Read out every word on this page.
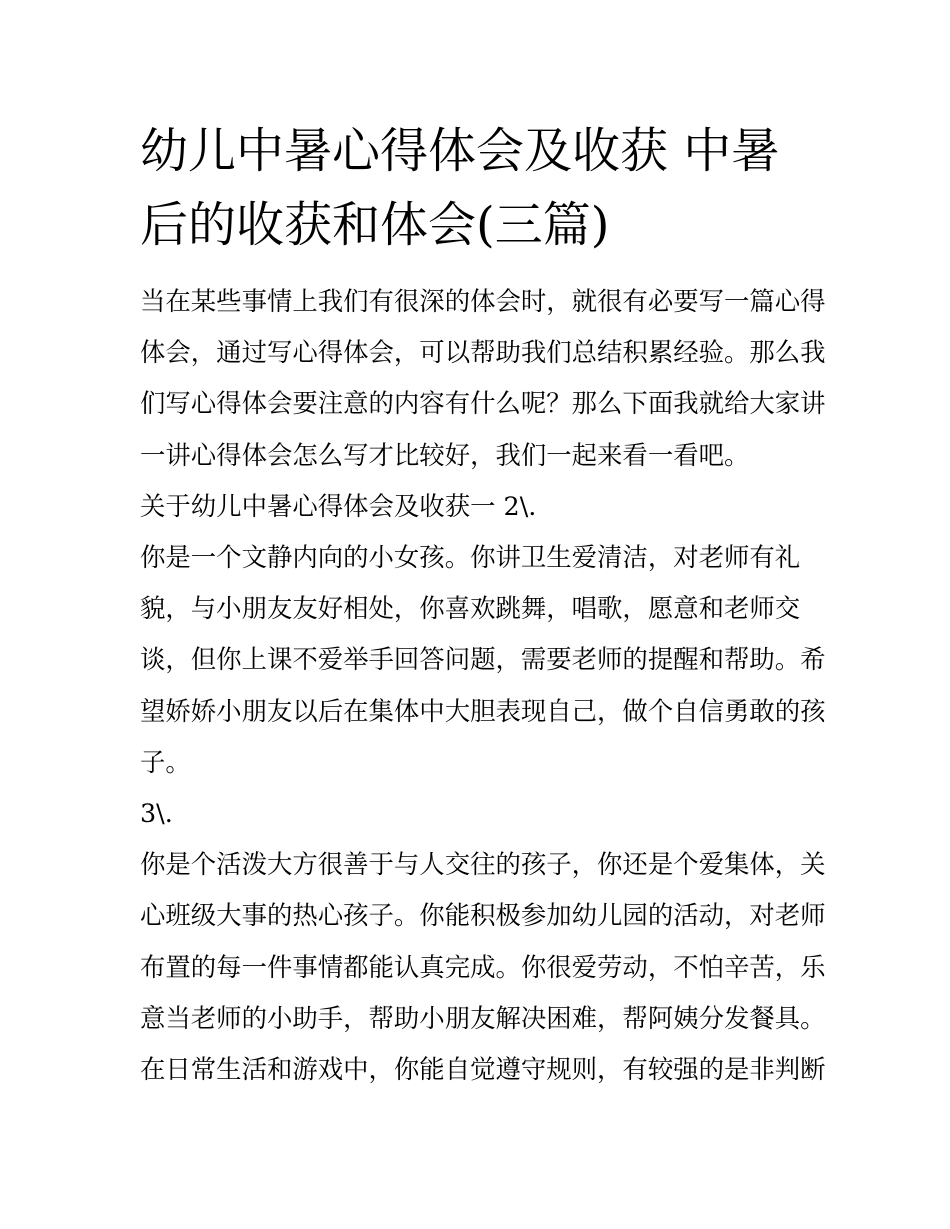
幼儿中暑心得体会及收获 中暑
后的收获和体会(三篇)

当在某些事情上我们有很深的体会时，就很有必要写一篇心得
体会，通过写心得体会，可以帮助我们总结积累经验。那么我
们写心得体会要注意的内容有什么呢？那么下面我就给大家讲
一讲心得体会怎么写才比较好，我们一起来看一看吧。

关于幼儿中暑心得体会及收获一 2\.

你是一个文静内向的小女孩。你讲卫生爱清洁，对老师有礼
貌，与小朋友友好相处，你喜欢跳舞，唱歌，愿意和老师交
谈，但你上课不爱举手回答问题，需要老师的提醒和帮助。希
望娇娇小朋友以后在集体中大胆表现自己，做个自信勇敢的孩
子。

3\.

你是个活泼大方很善于与人交往的孩子，你还是个爱集体，关
心班级大事的热心孩子。你能积极参加幼儿园的活动，对老师
布置的每一件事情都能认真完成。你很爱劳动，不怕辛苦，乐
意当老师的小助手，帮助小朋友解决困难，帮阿姨分发餐具。
在日常生活和游戏中，你能自觉遵守规则，有较强的是非判断
